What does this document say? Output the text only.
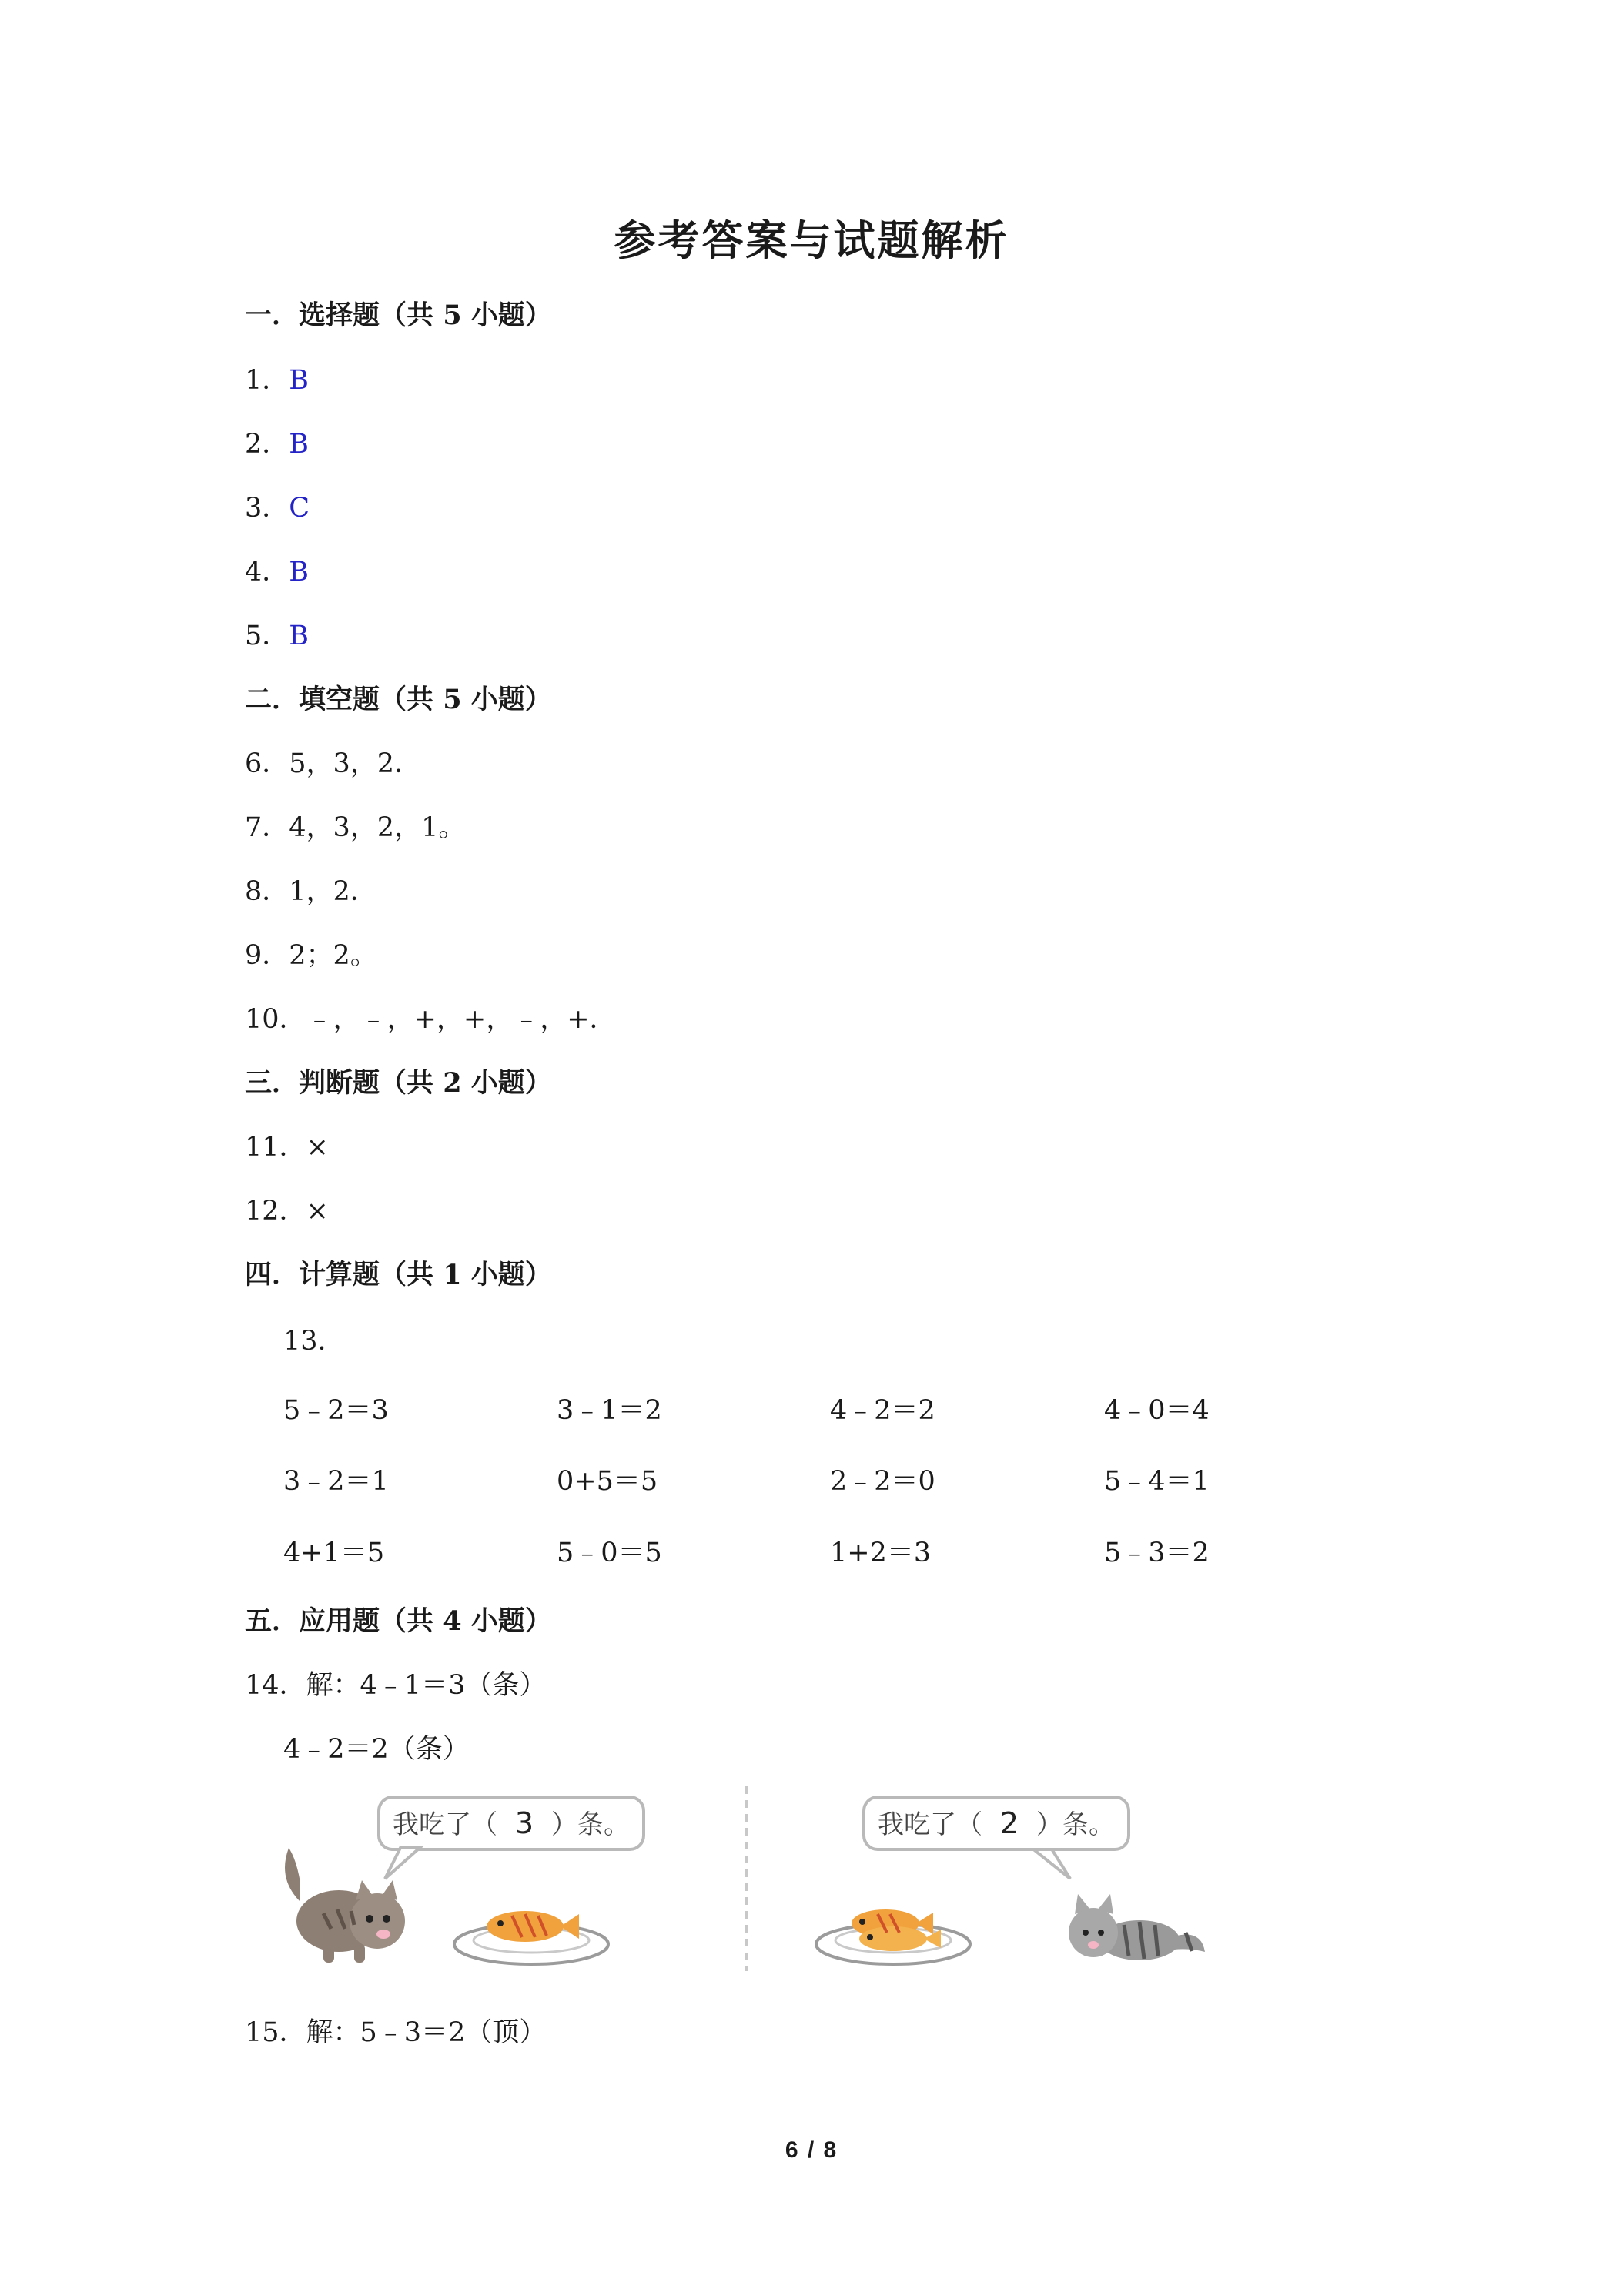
参考答案与试题解析
一．选择题（共 5 小题）
1．B
2．B
3．C
4．B
5．B
二．填空题（共 5 小题）
6．5，3，2．
7．4，3，2，1。
8．1，2．
9．2；2。
10．﹣，﹣，+，+，﹣，+．
三．判断题（共 2 小题）
11．×
12．×
四．计算题（共 1 小题）
13．
5﹣2＝3	3﹣1＝2	4﹣2＝2	4﹣0＝4
3﹣2＝1	0+5＝5	2﹣2＝0	5﹣4＝1
4+1＝5	5﹣0＝5	1+2＝3	5﹣3＝2
五．应用题（共 4 小题）
14．解：4﹣1＝3（条）
4﹣2＝2（条）
我吃了（ 3 ）条。	我吃了（ 2 ）条。
15．解：5﹣3＝2（顶）
6 / 8
